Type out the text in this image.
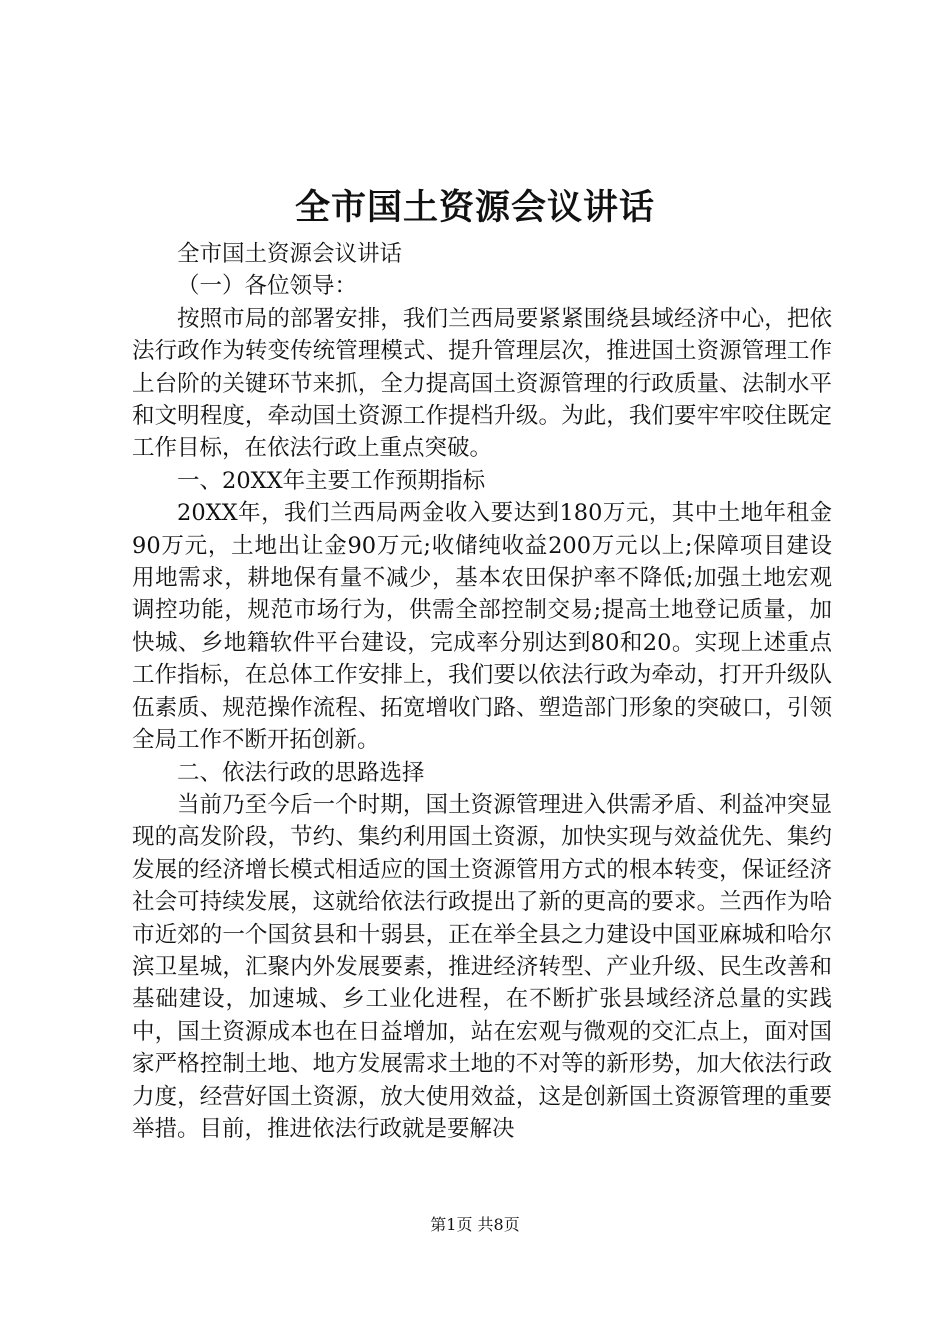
全市国土资源会议讲话

全市国土资源会议讲话

（一）各位领导：

按照市局的部署安排，我们兰西局要紧紧围绕县域经济中心，把依法行政作为转变传统管理模式、提升管理层次，推进国土资源管理工作上台阶的关键环节来抓，全力提高国土资源管理的行政质量、法制水平和文明程度，牵动国土资源工作提档升级。为此，我们要牢牢咬住既定工作目标，在依法行政上重点突破。

一、20XX年主要工作预期指标

20XX年，我们兰西局两金收入要达到180万元，其中土地年租金90万元，土地出让金90万元;收储纯收益200万元以上;保障项目建设用地需求，耕地保有量不减少，基本农田保护率不降低;加强土地宏观调控功能，规范市场行为，供需全部控制交易;提高土地登记质量，加快城、乡地籍软件平台建设，完成率分别达到80和20。实现上述重点工作指标，在总体工作安排上，我们要以依法行政为牵动，打开升级队伍素质、规范操作流程、拓宽增收门路、塑造部门形象的突破口，引领全局工作不断开拓创新。

二、依法行政的思路选择

当前乃至今后一个时期，国土资源管理进入供需矛盾、利益冲突显现的高发阶段，节约、集约利用国土资源，加快实现与效益优先、集约发展的经济增长模式相适应的国土资源管用方式的根本转变，保证经济社会可持续发展，这就给依法行政提出了新的更高的要求。兰西作为哈市近郊的一个国贫县和十弱县，正在举全县之力建设中国亚麻城和哈尔滨卫星城，汇聚内外发展要素，推进经济转型、产业升级、民生改善和基础建设，加速城、乡工业化进程，在不断扩张县域经济总量的实践中，国土资源成本也在日益增加，站在宏观与微观的交汇点上，面对国家严格控制土地、地方发展需求土地的不对等的新形势，加大依法行政力度，经营好国土资源，放大使用效益，这是创新国土资源管理的重要举措。目前，推进依法行政就是要解决

第1页 共8页
